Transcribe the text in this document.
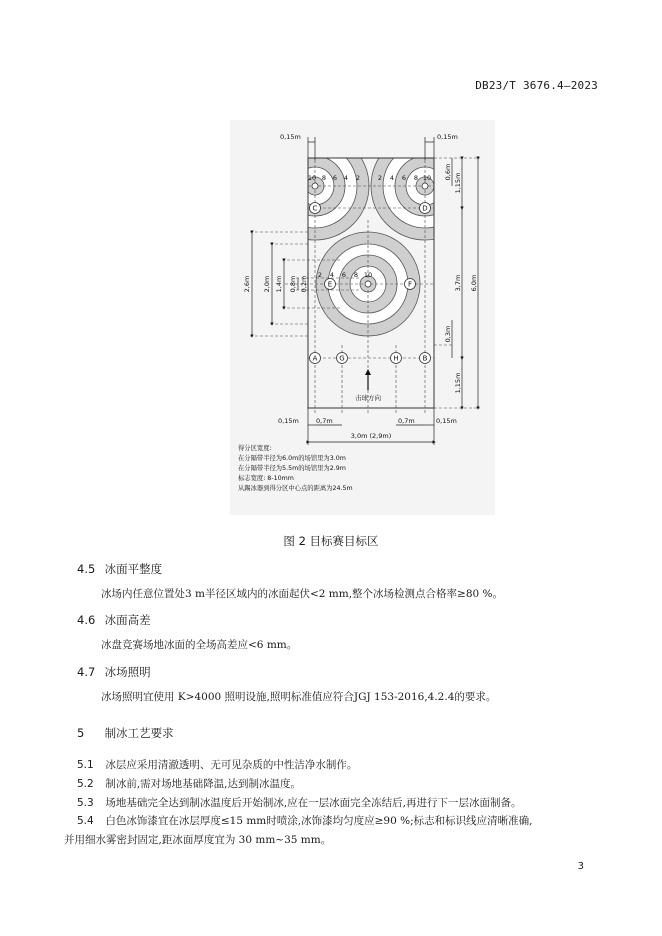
DB23/T 3676.4—2023
C	D
E	F
A	G	H	B
10 8 6 4 2	2 4 6 8 10
2 4 6 8 10
0,15m	0,15m
0,15m	0,15m
0,7m	0,7m
3,0m (2,9m)
2,6m 2,0m 1,4m 0,8m 0,2m
0,6m
1,15m
3,7m 6,0m
0,3m
1,15m
击球方向
得分区宽度:
在分隔带半径为6.0m的场馆里为3.0m
在分隔带半径为5.5m的场馆里为2.9m
标志宽度: 8-10mm
从踢冰器到得分区中心点的距离为24.5m
图 2 目标赛目标区
4.5 冰面平整度
冰场内任意位置处3 m半径区域内的冰面起伏<2 mm,整个冰场检测点合格率≥80 %。
4.6 冰面高差
冰盘竞赛场地冰面的全场高差应<6 mm。
4.7 冰场照明
冰场照明宜使用 K>4000 照明设施,照明标准值应符合JGJ 153-2016,4.2.4的要求。
5 制冰工艺要求
5.1 冰层应采用清澈透明、无可见杂质的中性洁净水制作。
5.2 制冰前,需对场地基础降温,达到制冰温度。
5.3 场地基础完全达到制冰温度后开始制冰,应在一层冰面完全冻结后,再进行下一层冰面制备。
5.4 白色冰饰漆宜在冰层厚度≤15 mm时喷涂,冰饰漆均匀度应≥90 %;标志和标识线应清晰准确,
并用细水雾密封固定,距冰面厚度宜为 30 mm~35 mm。
3
